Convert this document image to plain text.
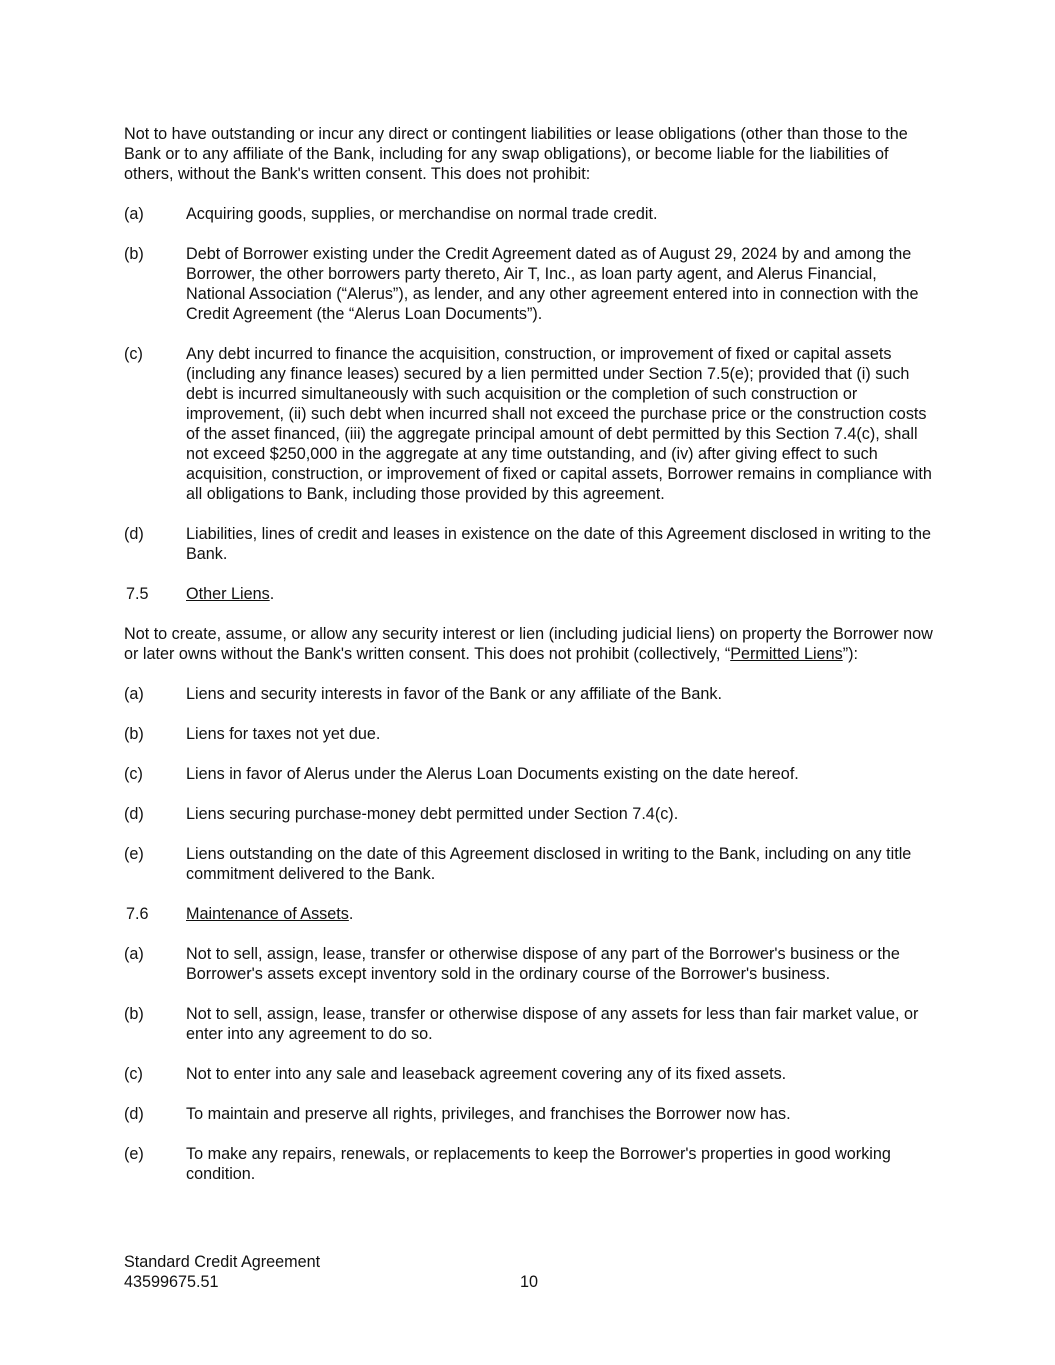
Not to have outstanding or incur any direct or contingent liabilities or lease obligations (other than those to the Bank or to any affiliate of the Bank, including for any swap obligations), or become liable for the liabilities of others, without the Bank's written consent. This does not prohibit:

(a)	Acquiring goods, supplies, or merchandise on normal trade credit.
(b)	Debt of Borrower existing under the Credit Agreement dated as of August 29, 2024 by and among the Borrower, the other borrowers party thereto, Air T, Inc., as loan party agent, and Alerus Financial, National Association (“Alerus”), as lender, and any other agreement entered into in connection with the Credit Agreement (the “Alerus Loan Documents”).
(c)	Any debt incurred to finance the acquisition, construction, or improvement of fixed or capital assets (including any finance leases) secured by a lien permitted under Section 7.5(e); provided that (i) such debt is incurred simultaneously with such acquisition or the completion of such construction or improvement, (ii) such debt when incurred shall not exceed the purchase price or the construction costs of the asset financed, (iii) the aggregate principal amount of debt permitted by this Section 7.4(c), shall not exceed $250,000 in the aggregate at any time outstanding, and (iv) after giving effect to such acquisition, construction, or improvement of fixed or capital assets, Borrower remains in compliance with all obligations to Bank, including those provided by this agreement.
(d)	Liabilities, lines of credit and leases in existence on the date of this Agreement disclosed in writing to the Bank.
7.5	Other Liens.

Not to create, assume, or allow any security interest or lien (including judicial liens) on property the Borrower now or later owns without the Bank's written consent. This does not prohibit (collectively, “Permitted Liens”):

(a)	Liens and security interests in favor of the Bank or any affiliate of the Bank.
(b)	Liens for taxes not yet due.
(c)	Liens in favor of Alerus under the Alerus Loan Documents existing on the date hereof.
(d)	Liens securing purchase-money debt permitted under Section 7.4(c).
(e)	Liens outstanding on the date of this Agreement disclosed in writing to the Bank, including on any title commitment delivered to the Bank.
7.6	Maintenance of Assets.
(a)	Not to sell, assign, lease, transfer or otherwise dispose of any part of the Borrower's business or the Borrower's assets except inventory sold in the ordinary course of the Borrower's business.
(b)	Not to sell, assign, lease, transfer or otherwise dispose of any assets for less than fair market value, or enter into any agreement to do so.
(c)	Not to enter into any sale and leaseback agreement covering any of its fixed assets.
(d)	To maintain and preserve all rights, privileges, and franchises the Borrower now has.
(e)	To make any repairs, renewals, or replacements to keep the Borrower's properties in good working condition.
Standard Credit Agreement
43599675.51	10
